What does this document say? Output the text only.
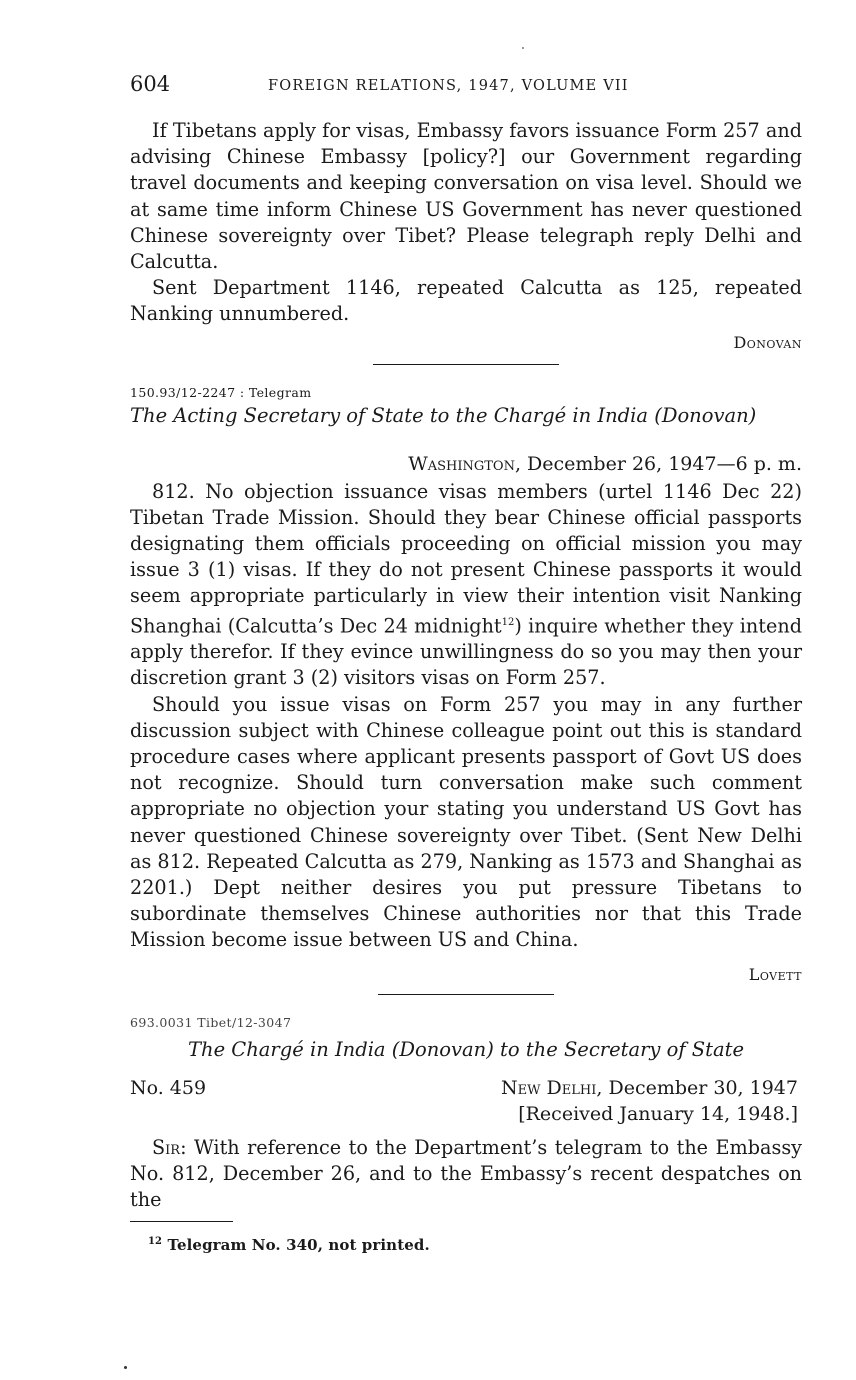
604	FOREIGN RELATIONS, 1947, VOLUME VII

If Tibetans apply for visas, Embassy favors issuance Form 257 and advising Chinese Embassy [policy?] our Government regarding travel documents and keeping conversation on visa level. Should we at same time inform Chinese US Government has never questioned Chinese sovereignty over Tibet? Please telegraph reply Delhi and Calcutta.

Sent Department 1146, repeated Calcutta as 125, repeated Nanking unnumbered.

Donovan
150.93/12-2247 : Telegram
The Acting Secretary of State to the Chargé in India (Donovan)
Washington, December 26, 1947—6 p. m.

812. No objection issuance visas members (urtel 1146 Dec 22) Tibetan Trade Mission. Should they bear Chinese official passports designating them officials proceeding on official mission you may issue 3 (1) visas. If they do not present Chinese passports it would seem appropriate particularly in view their intention visit Nanking Shanghai (Calcutta’s Dec 24 midnight$^{12}$) inquire whether they intend apply therefor. If they evince unwillingness do so you may then your discretion grant 3 (2) visitors visas on Form 257.

Should you issue visas on Form 257 you may in any further discussion subject with Chinese colleague point out this is standard procedure cases where applicant presents passport of Govt US does not recognize. Should turn conversation make such comment appropriate no objection your stating you understand US Govt has never questioned Chinese sovereignty over Tibet. (Sent New Delhi as 812. Repeated Calcutta as 279, Nanking as 1573 and Shanghai as 2201.) Dept neither desires you put pressure Tibetans to subordinate themselves Chinese authorities nor that this Trade Mission become issue between US and China.

Lovett
693.0031 Tibet/12-3047
The Chargé in India (Donovan) to the Secretary of State
No. 459	New Delhi, December 30, 1947
[Received January 14, 1948.]

Sir: With reference to the Department’s telegram to the Embassy No. 812, December 26, and to the Embassy’s recent despatches on the

$^{12}$ Telegram No. 340, not printed.
